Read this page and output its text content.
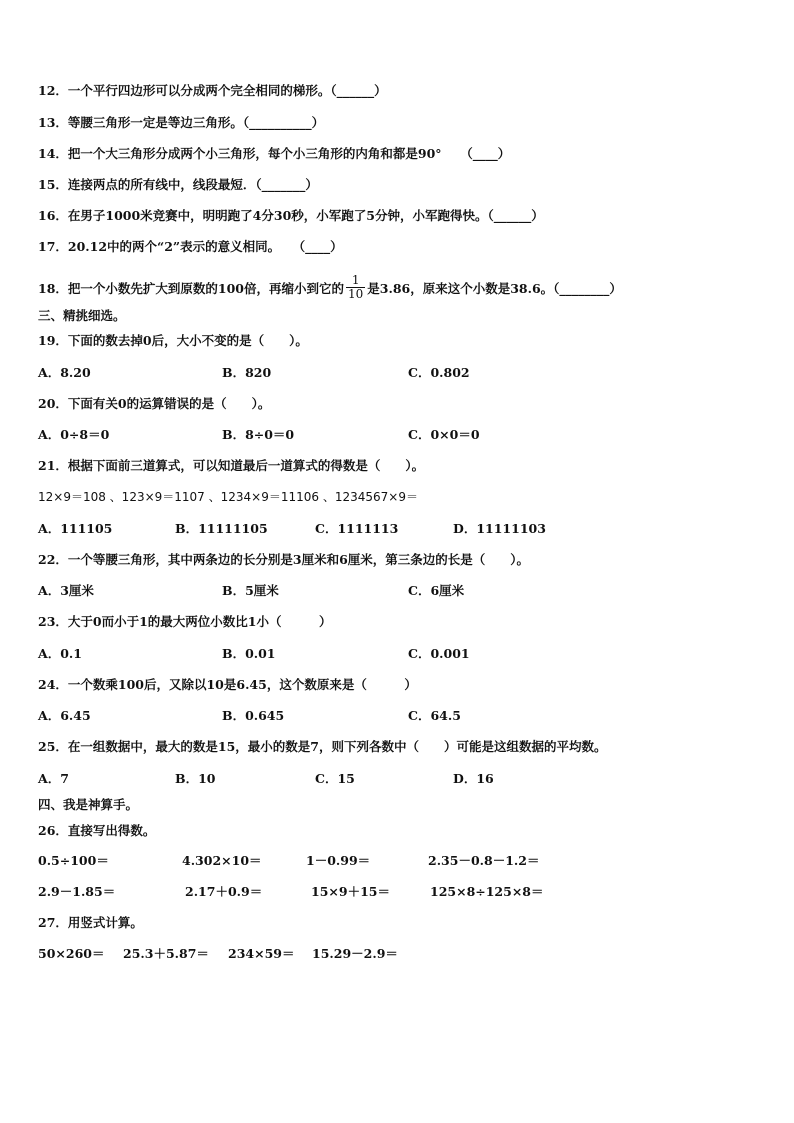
12．一个平行四边形可以分成两个完全相同的梯形。（______）
13．等腰三角形一定是等边三角形。（__________）
14．把一个大三角形分成两个小三角形，每个小三角形的内角和都是90°　　（____）
15．连接两点的所有线中，线段最短．（_______）
16．在男子1000米竞赛中，明明跑了4分30秒，小军跑了5分钟，小军跑得快。（______）
17．20.12中的两个“2”表示的意义相同。　　（____）
18．把一个小数先扩大到原数的100倍，再缩小到它的 $\frac{1}{10}$ 是3.86，原来这个小数是38.6。（________）
三、精挑细选。
19．下面的数去掉0后，大小不变的是（　　）。
A．8.20	B．820	C．0.802
20．下面有关0的运算错误的是（　　）。
A．0÷8＝0	B．8÷0＝0	C．0×0＝0
21．根据下面前三道算式，可以知道最后一道算式的得数是（　　）。
12×9＝108 、123×9＝1107 、1234×9＝11106 、1234567×9＝
A．111105	B．11111105	C．1111113	D．11111103
22．一个等腰三角形，其中两条边的长分别是3厘米和6厘米，第三条边的长是（　　）。
A．3厘米	B．5厘米	C．6厘米
23．大于0而小于1的最大两位小数比1小（　　　）
A．0.1	B．0.01	C．0.001
24．一个数乘100后，又除以10是6.45，这个数原来是（　　　）
A．6.45	B．0.645	C．64.5
25．在一组数据中，最大的数是15，最小的数是7，则下列各数中（　　）可能是这组数据的平均数。
A．7	B．10	C．15	D．16
四、我是神算手。
26．直接写出得数。
0.5÷100＝	4.302×10＝	1－0.99＝	2.35－0.8－1.2＝
2.9－1.85＝	2.17＋0.9＝	15×9＋15＝	125×8÷125×8＝
27．用竖式计算。
50×260＝ 25.3＋5.87＝ 234×59＝ 15.29－2.9＝
